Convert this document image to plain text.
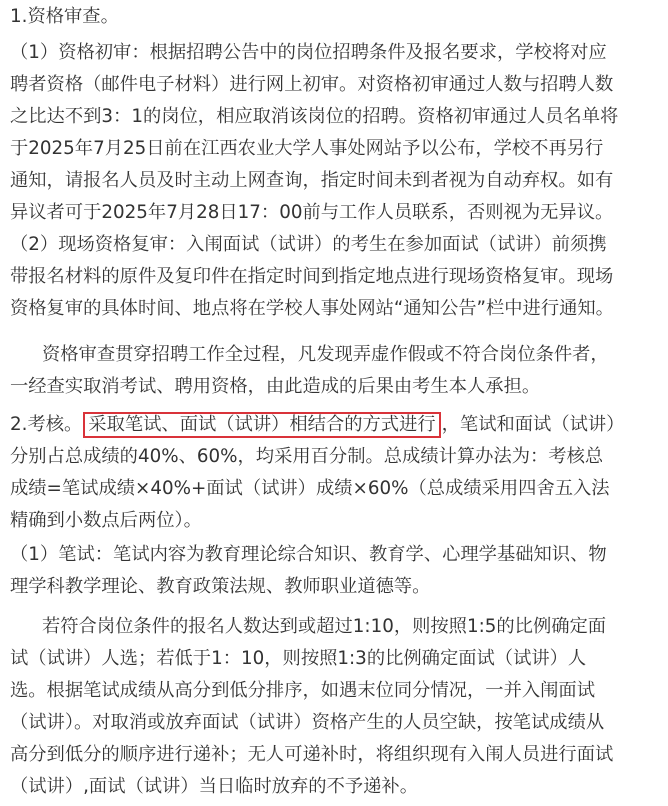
1.资格审查。
（1）资格初审：根据招聘公告中的岗位招聘条件及报名要求，学校将对应
聘者资格（邮件电子材料）进行网上初审。对资格初审通过人数与招聘人数
之比达不到3：1的岗位，相应取消该岗位的招聘。资格初审通过人员名单将
于2025年7月25日前在江西农业大学人事处网站予以公布，学校不再另行
通知，请报名人员及时主动上网查询，指定时间未到者视为自动弃权。如有
异议者可于2025年7月28日17：00前与工作人员联系，否则视为无异议。
（2）现场资格复审：入闱面试（试讲）的考生在参加面试（试讲）前须携
带报名材料的原件及复印件在指定时间到指定地点进行现场资格复审。现场
资格复审的具体时间、地点将在学校人事处网站“通知公告”栏中进行通知。
资格审查贯穿招聘工作全过程，凡发现弄虚作假或不符合岗位条件者，
一经查实取消考试、聘用资格，由此造成的后果由考生本人承担。
2.考核。 采取笔试、面试（试讲）相结合的方式进行 ，笔试和面试（试讲）
分别占总成绩的40%、60%，均采用百分制。总成绩计算办法为：考核总
成绩=笔试成绩×40%+面试（试讲）成绩×60%（总成绩采用四舍五入法
精确到小数点后两位）。
（1）笔试：笔试内容为教育理论综合知识、教育学、心理学基础知识、物
理学科教学理论、教育政策法规、教师职业道德等。
若符合岗位条件的报名人数达到或超过1:10，则按照1:5的比例确定面
试（试讲）人选；若低于1：10，则按照1:3的比例确定面试（试讲）人
选。根据笔试成绩从高分到低分排序，如遇末位同分情况，一并入闱面试
（试讲）。对取消或放弃面试（试讲）资格产生的人员空缺，按笔试成绩从
高分到低分的顺序进行递补；无人可递补时，将组织现有入闱人员进行面试
（试讲）,面试（试讲）当日临时放弃的不予递补。
